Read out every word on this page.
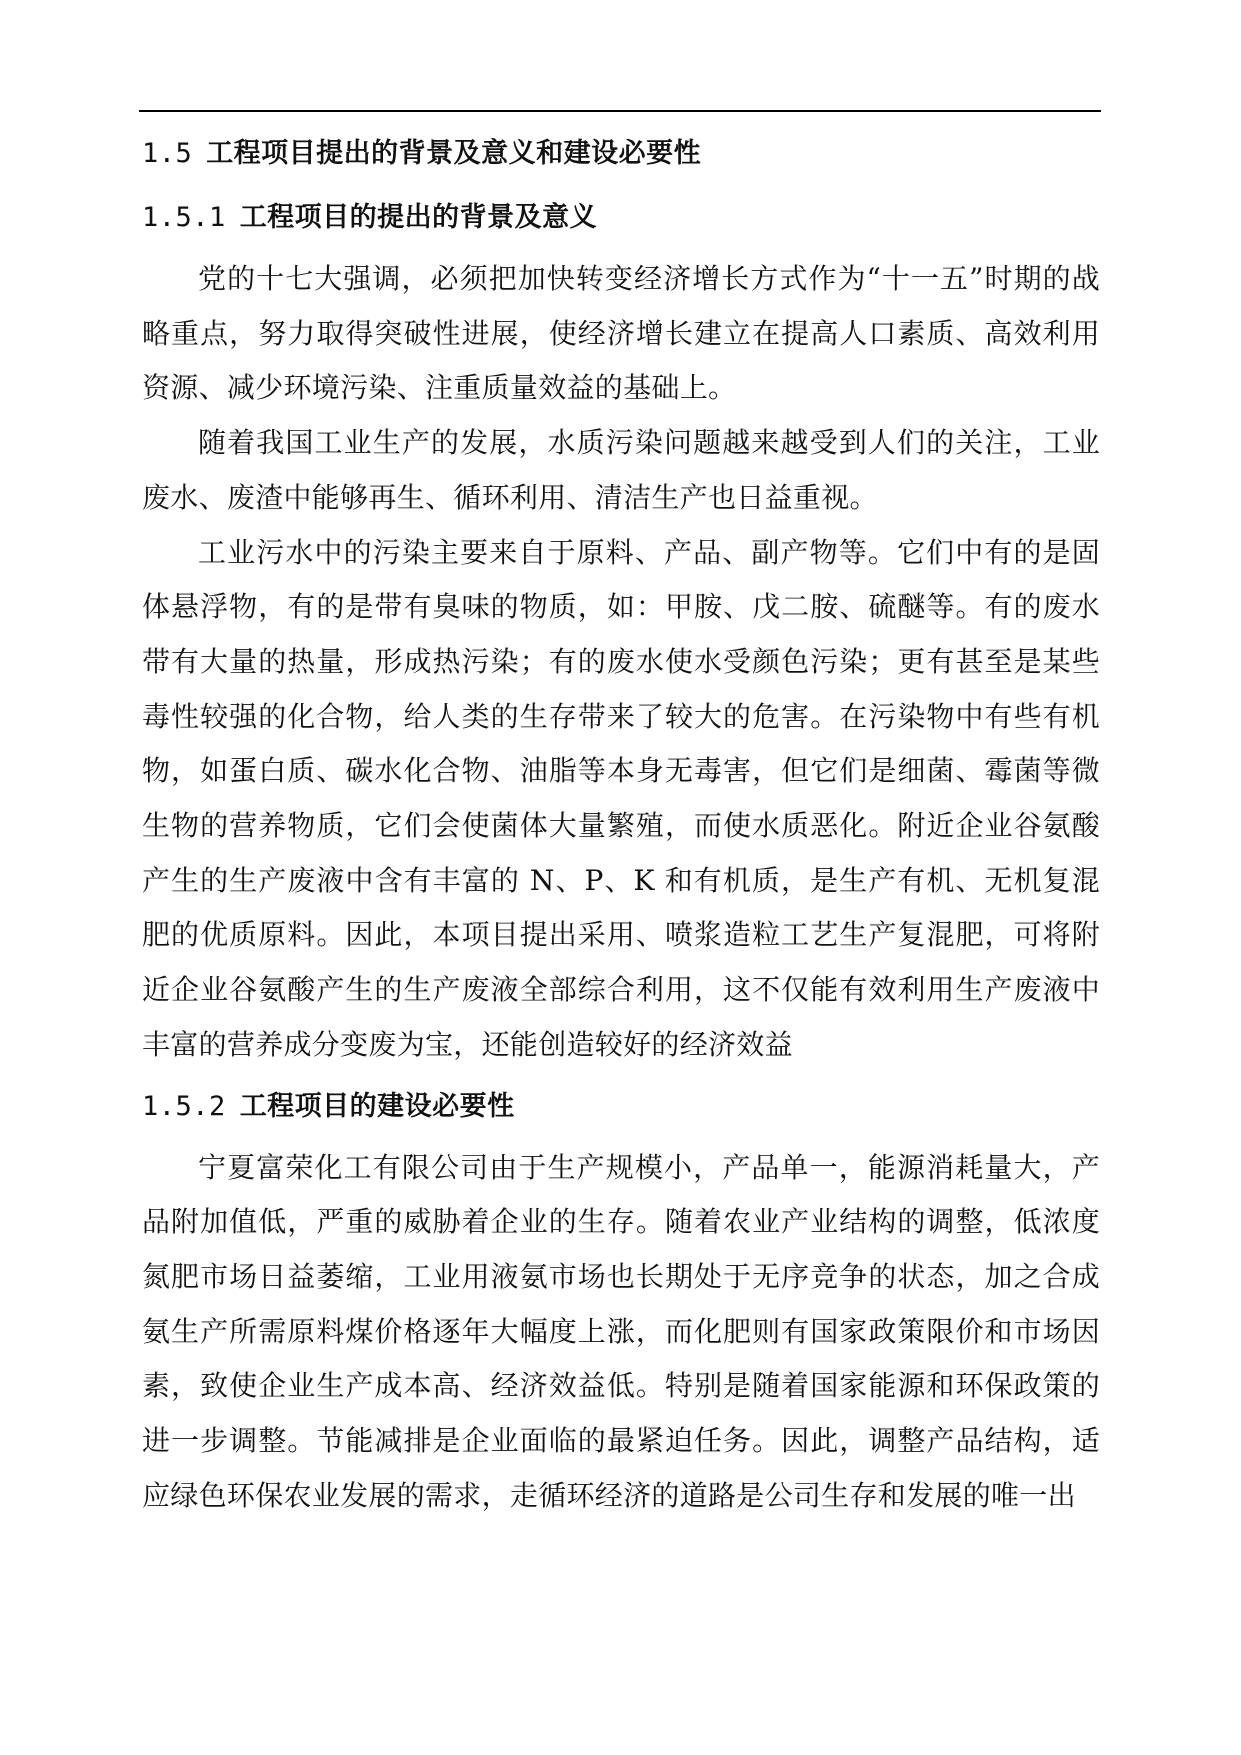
1.5 工程项目提出的背景及意义和建设必要性
1.5.1 工程项目的提出的背景及意义

党的十七大强调，必须把加快转变经济增长方式作为“十一五”时期的战略重点，努力取得突破性进展，使经济增长建立在提高人口素质、高效利用资源、减少环境污染、注重质量效益的基础上。

随着我国工业生产的发展，水质污染问题越来越受到人们的关注，工业废水、废渣中能够再生、循环利用、清洁生产也日益重视。

工业污水中的污染主要来自于原料、产品、副产物等。它们中有的是固体悬浮物，有的是带有臭味的物质，如：甲胺、戊二胺、硫醚等。有的废水带有大量的热量，形成热污染；有的废水使水受颜色污染；更有甚至是某些毒性较强的化合物，给人类的生存带来了较大的危害。在污染物中有些有机物，如蛋白质、碳水化合物、油脂等本身无毒害，但它们是细菌、霉菌等微生物的营养物质，它们会使菌体大量繁殖，而使水质恶化。附近企业谷氨酸产生的生产废液中含有丰富的 N、P、K 和有机质，是生产有机、无机复混肥的优质原料。因此，本项目提出采用、喷浆造粒工艺生产复混肥，可将附近企业谷氨酸产生的生产废液全部综合利用，这不仅能有效利用生产废液中丰富的营养成分变废为宝，还能创造较好的经济效益

1.5.2 工程项目的建设必要性

宁夏富荣化工有限公司由于生产规模小，产品单一，能源消耗量大，产品附加值低，严重的威胁着企业的生存。随着农业产业结构的调整，低浓度氮肥市场日益萎缩，工业用液氨市场也长期处于无序竞争的状态，加之合成氨生产所需原料煤价格逐年大幅度上涨，而化肥则有国家政策限价和市场因素，致使企业生产成本高、经济效益低。特别是随着国家能源和环保政策的进一步调整。节能减排是企业面临的最紧迫任务。因此，调整产品结构，适应绿色环保农业发展的需求，走循环经济的道路是公司生存和发展的唯一出
